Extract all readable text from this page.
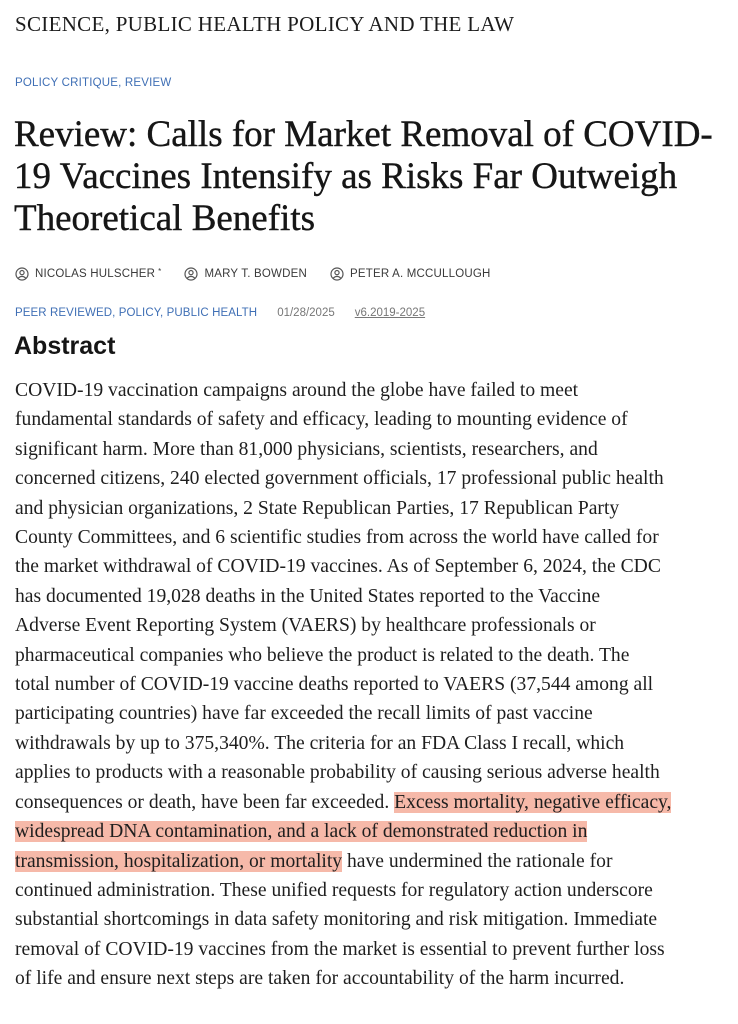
SCIENCE, PUBLIC HEALTH POLICY AND THE LAW
POLICY CRITIQUE, REVIEW
Review: Calls for Market Removal of COVID-19 Vaccines Intensify as Risks Far Outweigh Theoretical Benefits
NICOLAS HULSCHER *	MARY T. BOWDEN	PETER A. MCCULLOUGH
PEER REVIEWED, POLICY, PUBLIC HEALTH 01/28/2025 v6.2019-2025
Abstract
COVID-19 vaccination campaigns around the globe have failed to meet
fundamental standards of safety and efficacy, leading to mounting evidence of
significant harm. More than 81,000 physicians, scientists, researchers, and
concerned citizens, 240 elected government officials, 17 professional public health
and physician organizations, 2 State Republican Parties, 17 Republican Party
County Committees, and 6 scientific studies from across the world have called for
the market withdrawal of COVID-19 vaccines. As of September 6, 2024, the CDC
has documented 19,028 deaths in the United States reported to the Vaccine
Adverse Event Reporting System (VAERS) by healthcare professionals or
pharmaceutical companies who believe the product is related to the death. The
total number of COVID-19 vaccine deaths reported to VAERS (37,544 among all
participating countries) have far exceeded the recall limits of past vaccine
withdrawals by up to 375,340%. The criteria for an FDA Class I recall, which
applies to products with a reasonable probability of causing serious adverse health
consequences or death, have been far exceeded. Excess mortality, negative efficacy,
widespread DNA contamination, and a lack of demonstrated reduction in
transmission, hospitalization, or mortality have undermined the rationale for
continued administration. These unified requests for regulatory action underscore
substantial shortcomings in data safety monitoring and risk mitigation. Immediate
removal of COVID-19 vaccines from the market is essential to prevent further loss
of life and ensure next steps are taken for accountability of the harm incurred.
